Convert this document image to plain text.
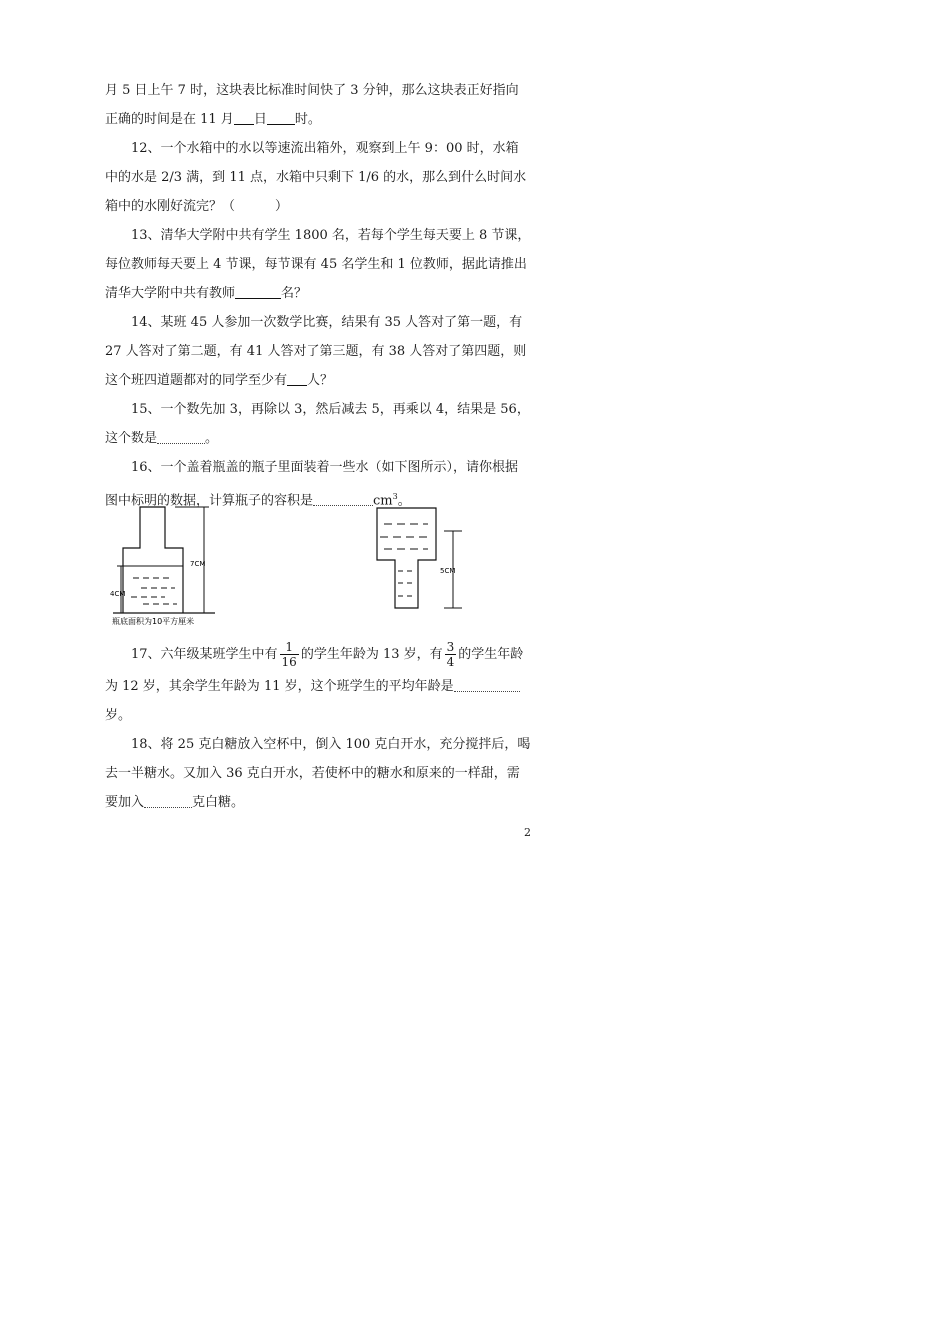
月 5 日上午 7 时，这块表比标准时间快了 3 分钟，那么这块表正好指向
正确的时间是在 11 月 日 时。
12、一个水箱中的水以等速流出箱外，观察到上午 9：00 时，水箱
中的水是 2/3 满，到 11 点，水箱中只剩下 1/6 的水，那么到什么时间水
箱中的水刚好流完？（	）
13、清华大学附中共有学生 1800 名，若每个学生每天要上 8 节课，
每位教师每天要上 4 节课，每节课有 45 名学生和 1 位教师，据此请推出
清华大学附中共有教师	名？
14、某班 45 人参加一次数学比赛，结果有 35 人答对了第一题，有
27 人答对了第二题，有 41 人答对了第三题，有 38 人答对了第四题，则
这个班四道题都对的同学至少有 人？
15、一个数先加 3，再除以 3，然后减去 5，再乘以 4，结果是 56，
这个数是	。
16、一个盖着瓶盖的瓶子里面装着一些水（如下图所示），请你根据
图中标明的数据，计算瓶子的容积是	$cm^3$。
7CM
4CM
瓶底面积为10平方厘米
5CM
17、六年级某班学生中有 $\frac{1}{16}$ 的学生年龄为 13 岁，有 $\frac{3}{4}$ 的学生年龄
为 12 岁，其余学生年龄为 11 岁，这个班学生的平均年龄是
岁。
18、将 25 克白糖放入空杯中，倒入 100 克白开水，充分搅拌后，喝
去一半糖水。又加入 36 克白开水，若使杯中的糖水和原来的一样甜，需
要加入	克白糖。
2
